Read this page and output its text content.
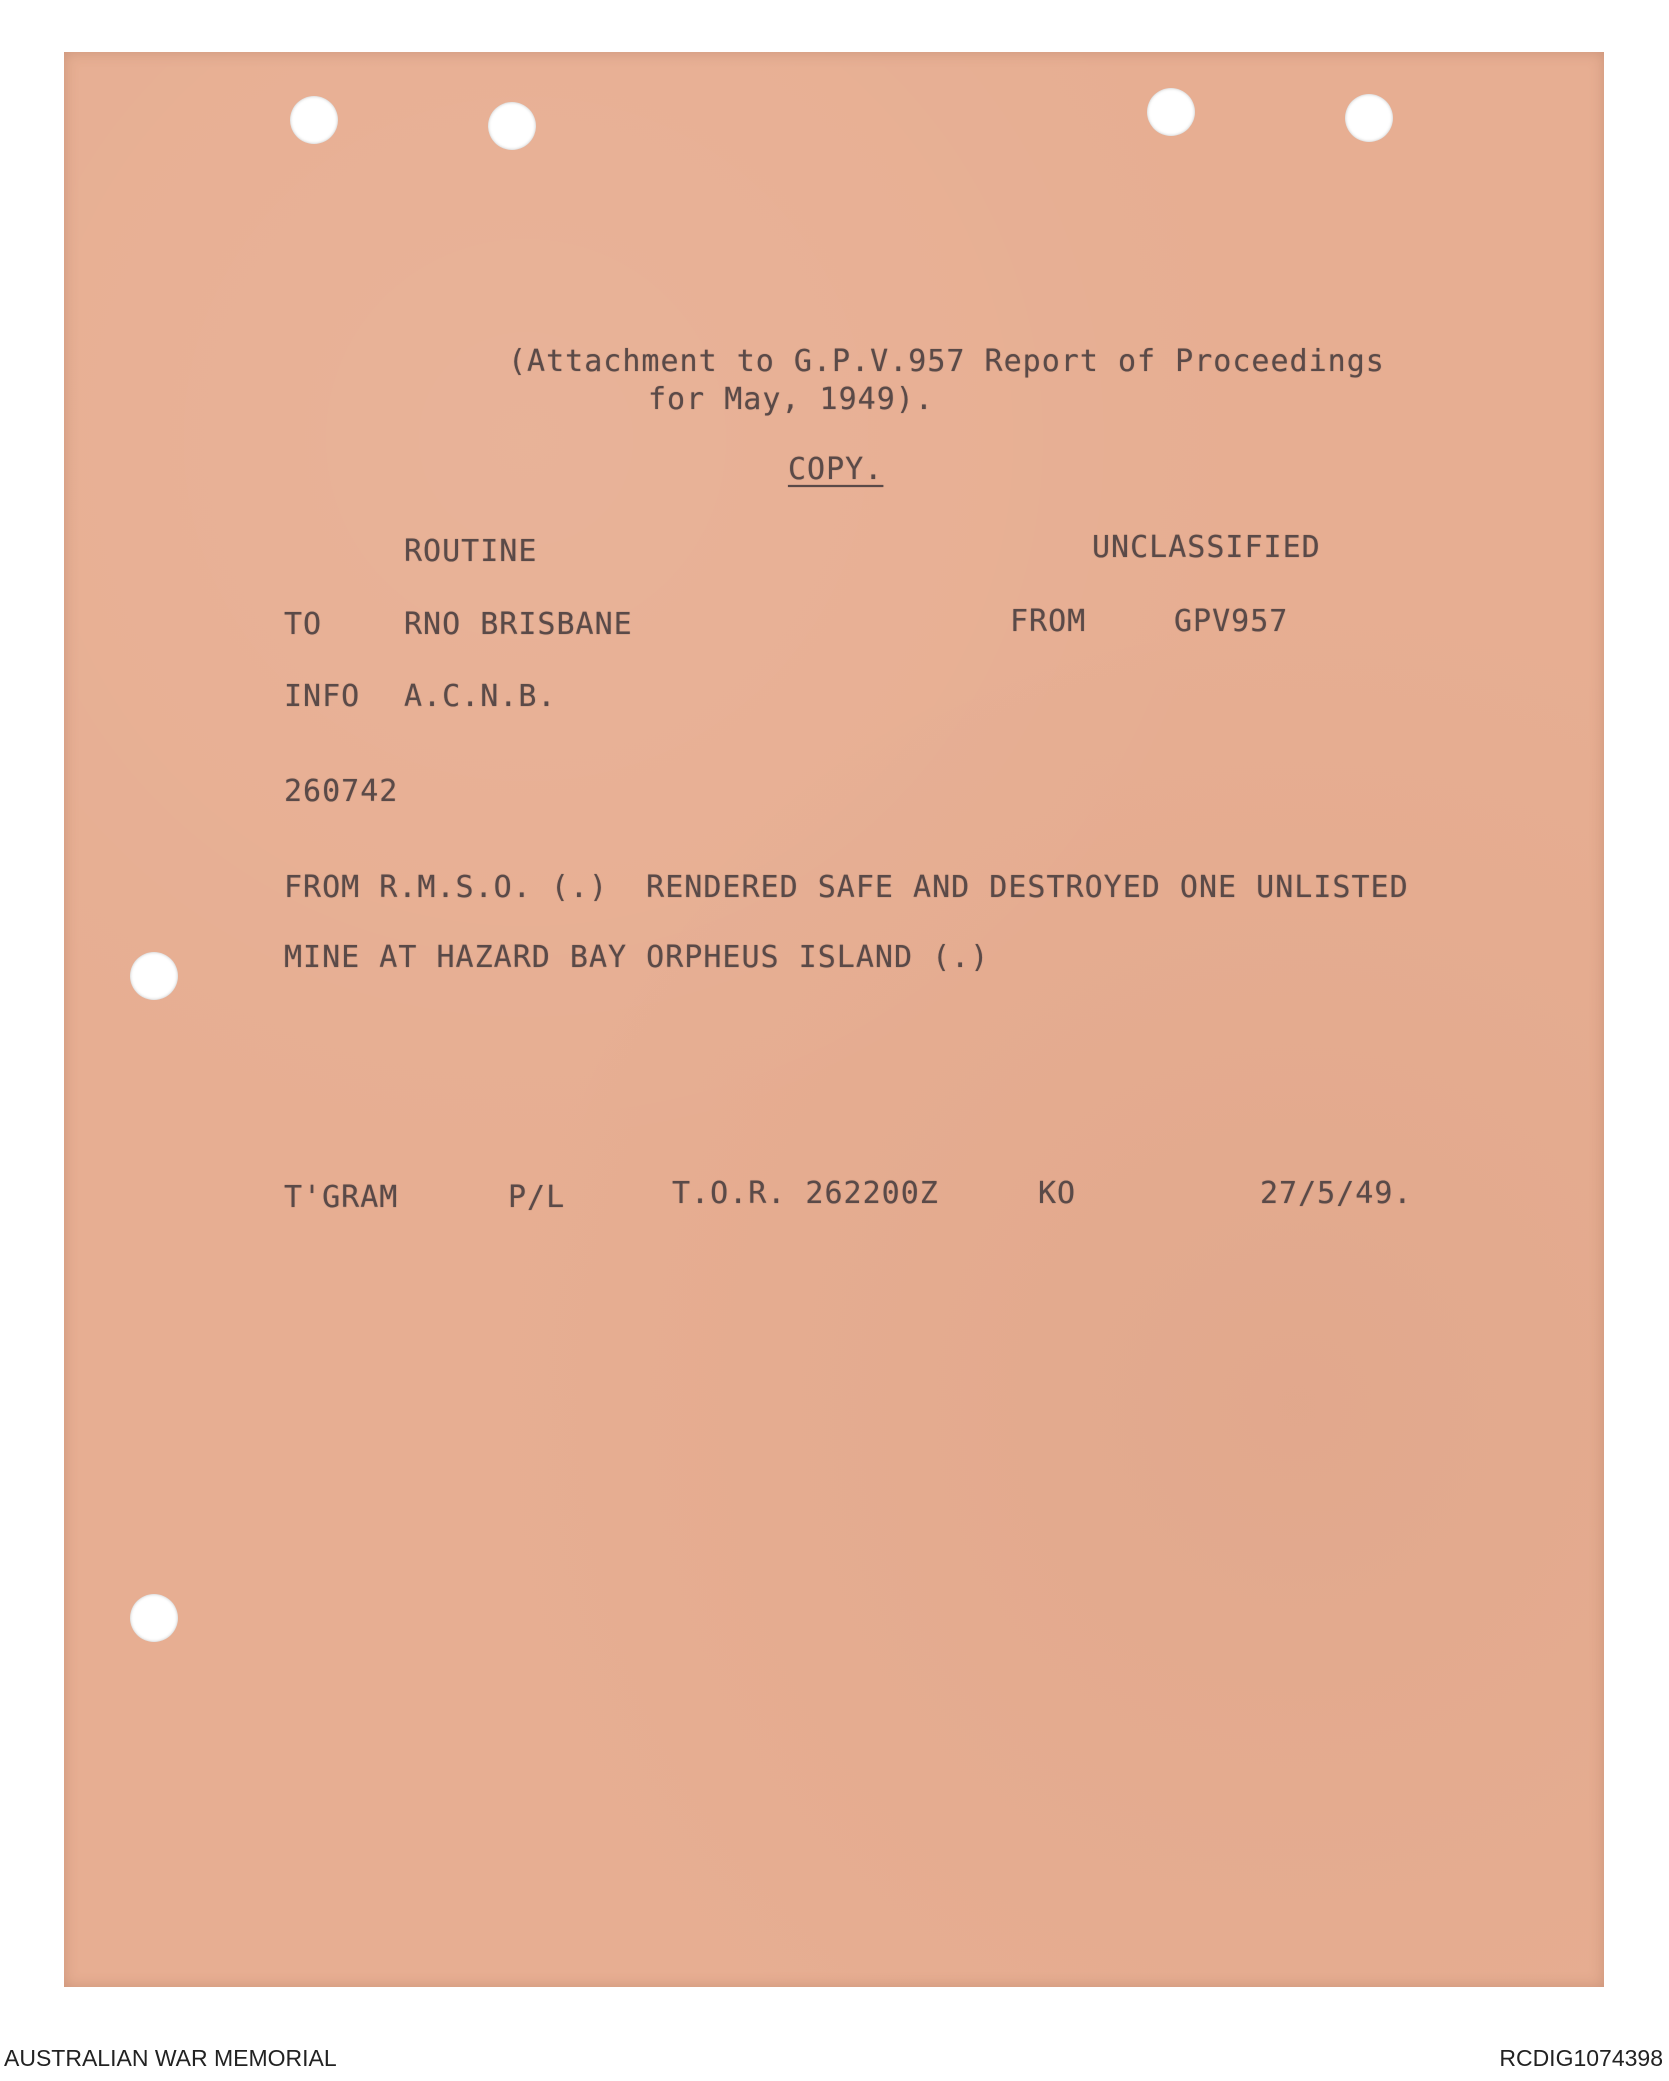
(Attachment to G.P.V.957 Report of Proceedings
for May, 1949).
COPY.
ROUTINE	UNCLASSIFIED
TO	RNO BRISBANE	FROM	GPV957
INFO A.C.N.B.
260742
FROM R.M.S.O. (.)  RENDERED SAFE AND DESTROYED ONE UNLISTED
MINE AT HAZARD BAY ORPHEUS ISLAND (.)
T'GRAM	P/L	T.O.R. 262200Z	KO	27/5/49.
AUSTRALIAN WAR MEMORIAL	RCDIG1074398
